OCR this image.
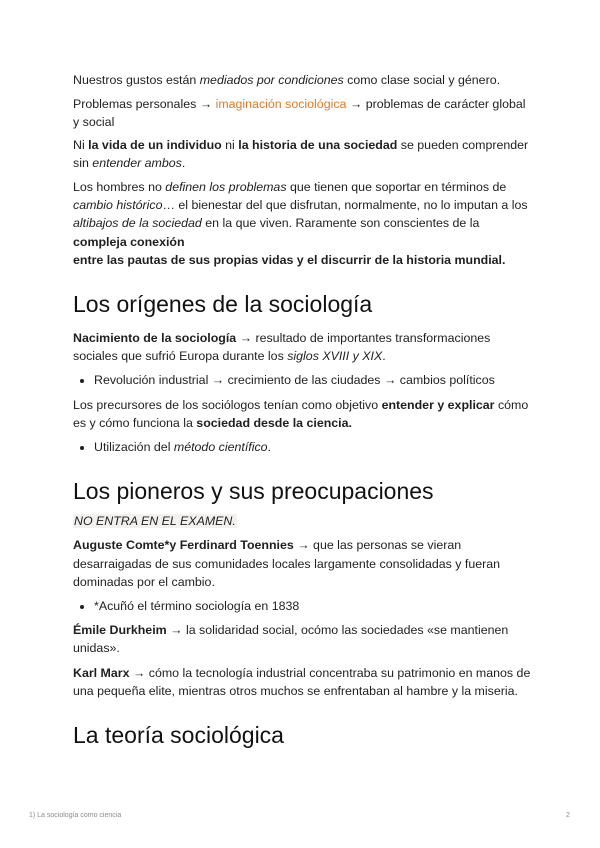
Nuestros gustos están mediados por condiciones como clase social y género.

Problemas personales → imaginación sociológica → problemas de carácter global y social

Ni la vida de un individuo ni la historia de una sociedad se pueden comprender sin entender ambos.

Los hombres no definen los problemas que tienen que soportar en términos de cambio histórico… el bienestar del que disfrutan, normalmente, no lo imputan a los altibajos de la sociedad en la que viven. Raramente son conscientes de la compleja conexión
entre las pautas de sus propias vidas y el discurrir de la historia mundial.

Los orígenes de la sociología

Nacimiento de la sociología → resultado de importantes transformaciones sociales que sufrió Europa durante los siglos XVIII y XIX.

• Revolución industrial → crecimiento de las ciudades → cambios políticos

Los precursores de los sociólogos tenían como objetivo entender y explicar cómo es y cómo funciona la sociedad desde la ciencia.

• Utilización del método científico.
Los pioneros y sus preocupaciones

NO ENTRA EN EL EXAMEN.

Auguste Comte*y Ferdinard Toennies → que las personas se vieran desarraigadas de sus comunidades locales largamente consolidadas y fueran dominadas por el cambio.

• *Acuñó el término sociología en 1838

Émile Durkheim → la solidaridad social, ocómo las sociedades «se mantienen unidas».

Karl Marx → cómo la tecnología industrial concentraba su patrimonio en manos de una pequeña elite, mientras otros muchos se enfrentaban al hambre y la miseria.

La teoría sociológica
1) La sociología como ciencia	2
